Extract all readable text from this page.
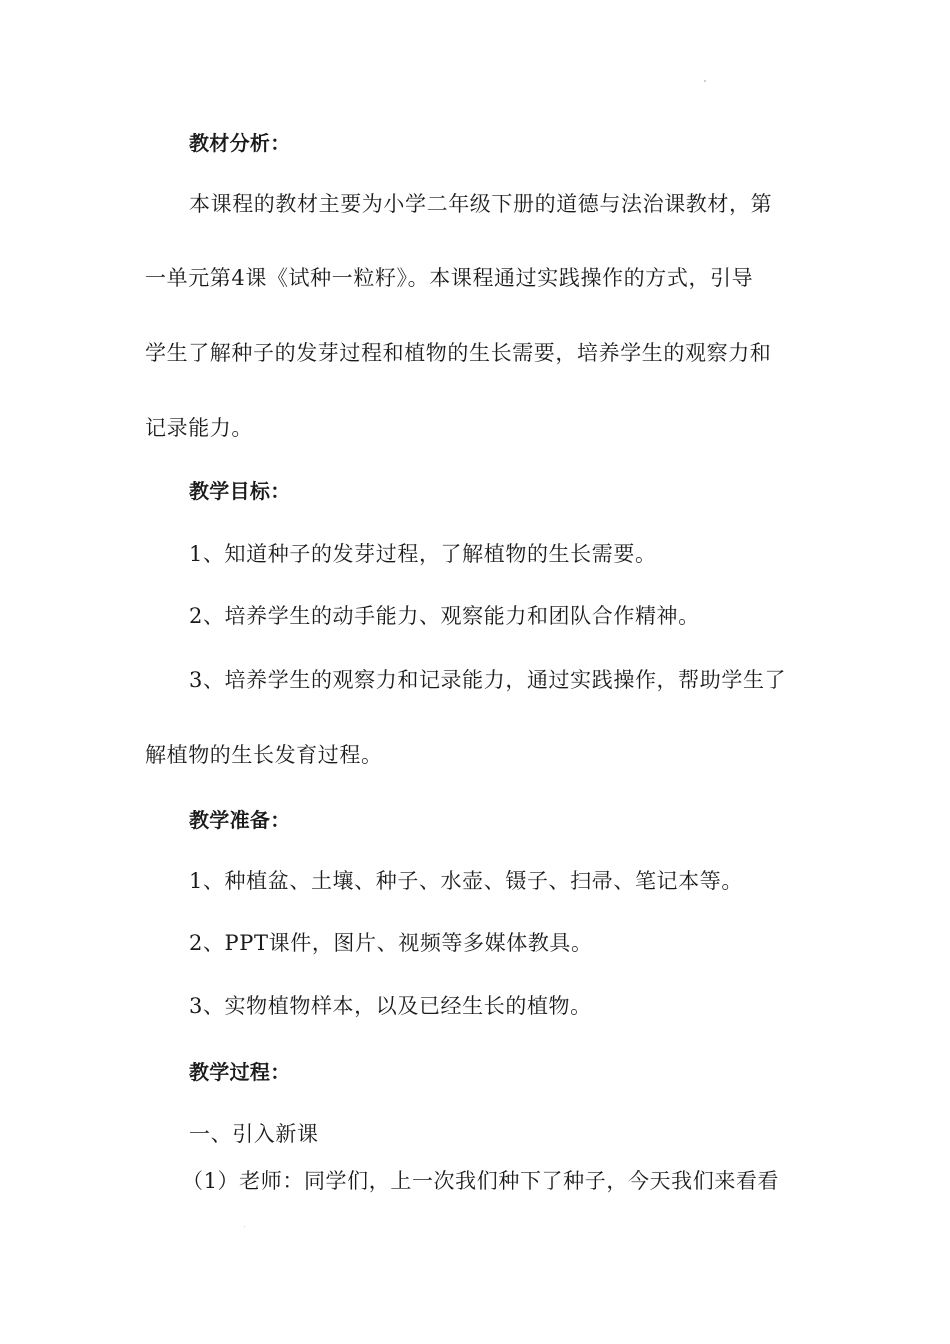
教材分析：
本课程的教材主要为小学二年级下册的道德与法治课教材，第
一单元第4课《试种一粒籽》。本课程通过实践操作的方式，引导
学生了解种子的发芽过程和植物的生长需要，培养学生的观察力和
记录能力。
教学目标：
1、知道种子的发芽过程，了解植物的生长需要。
2、培养学生的动手能力、观察能力和团队合作精神。
3、培养学生的观察力和记录能力，通过实践操作，帮助学生了
解植物的生长发育过程。
教学准备：
1、种植盆、土壤、种子、水壶、镊子、扫帚、笔记本等。
2、PPT课件，图片、视频等多媒体教具。
3、实物植物样本，以及已经生长的植物。
教学过程：
一、引入新课
（1）老师：同学们，上一次我们种下了种子，今天我们来看看
